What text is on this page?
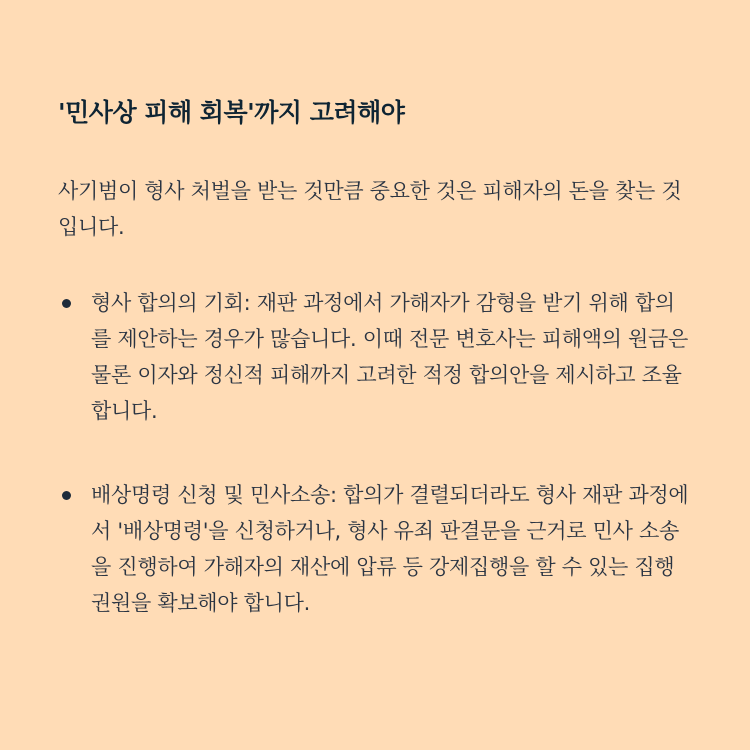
'민사상 피해 회복'까지 고려해야

사기범이 형사 처벌을 받는 것만큼 중요한 것은 피해자의 돈을 찾는 것입니다.

형사 합의의 기회: 재판 과정에서 가해자가 감형을 받기 위해 합의를 제안하는 경우가 많습니다. 이때 전문 변호사는 피해액의 원금은 물론 이자와 정신적 피해까지 고려한 적정 합의안을 제시하고 조율합니다.
배상명령 신청 및 민사소송: 합의가 결렬되더라도 형사 재판 과정에서 '배상명령'을 신청하거나, 형사 유죄 판결문을 근거로 민사 소송을 진행하여 가해자의 재산에 압류 등 강제집행을 할 수 있는 집행권원을 확보해야 합니다.
